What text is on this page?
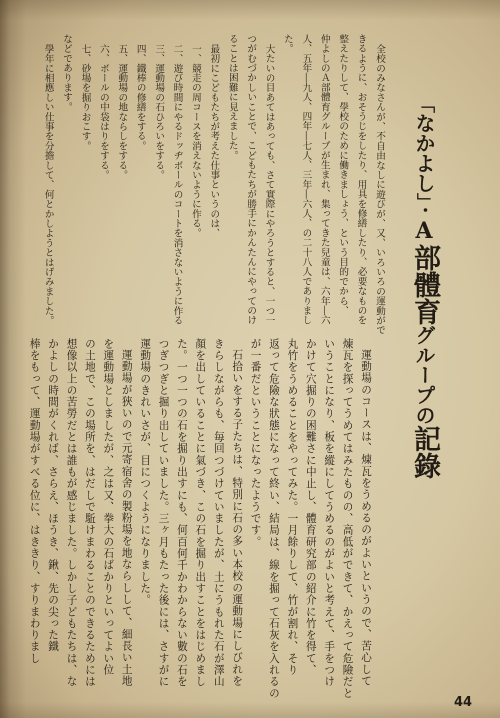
「なかよし」・A部體育グループの記錄
全校のみなさんが、不自由なしに遊びが、又、いろいろの運動がで
きるように、おそうじをしたり、用具を修繕したり、必要なものを
整えたりして、學校のために働きましょう、という目的でから、
仲よしのＡ部體育グループが生まれ、集ってきた兒童は、六年―六
人、五年―九人、四年―七人、三年―六人、の二十八人でありまし
た。
大たいの目あてはあっても、さて實際にやろうとすると、一つ一
つがむづかしいことで、こどもたちが勝手にかんたんにやってのけ
ることは困難に見えました。
最初にこどもたちが考えた仕事というのは、
一、競走の周コースを消えないように作る。
二、遊び時間にやるドッヂボールのコートを消さないように作る
三、運動場の石ひろいをする。
四、鐵棒の修繕をする。
五、運動場の地ならしをする。
六、ボールの中袋はりをする。
七、砂場を掘りおこす。
などであります。
學年に相應しい仕事を分擔して、何とかしようとはげみました。
運動場のコースは、煉瓦をうめるのがよいというので、苦心して
煉瓦を探ってうめてはみたものの、高低ができて、かえって危險だと
いうことになり、板を縱にしてうめるのがよいと考えて、手をつけ
かけて穴掘りの困難さに中止し、體育研究部の紹介に竹を得て、
丸竹をうめることをやってみた。一月餘りして、竹が割れ、そり
返って危險な狀態になって終い、結局は、線を掘って石灰を入れるの
が一番だということになったようです。
石拾いをする子たちは、特別に石の多い本校の運動場にしびれを
きらしながらも、毎回つづけていましたが、土にうもれた石が澤山
顏を出していることに氣づき、この石を掘り出すことをはじめまし
た。一つ一つの石を掘り出すにも、何百何千かわからない數の石を
つぎつぎと掘り出していました。三ヶ月もたった後には、さすがに
運動場のきれいさが、目につくようになりました。
運動場が狹いので元寄宿舍の製粉場を地ならしして、細長い土地
を運動場としましたが、之は又、拳大の石ばかりといってよい位
の土地で、この場所を、はだしで駈けまわることのできるためには
想像以上の苦勞だとは誰もが感じました。しかし子どもたちは、な
かよしの時間がくれば、さらえ、ほうき、鍬、先の尖った鐵
棒をもって、運動場がすべる位に、はききり、すりまわりまし
44
